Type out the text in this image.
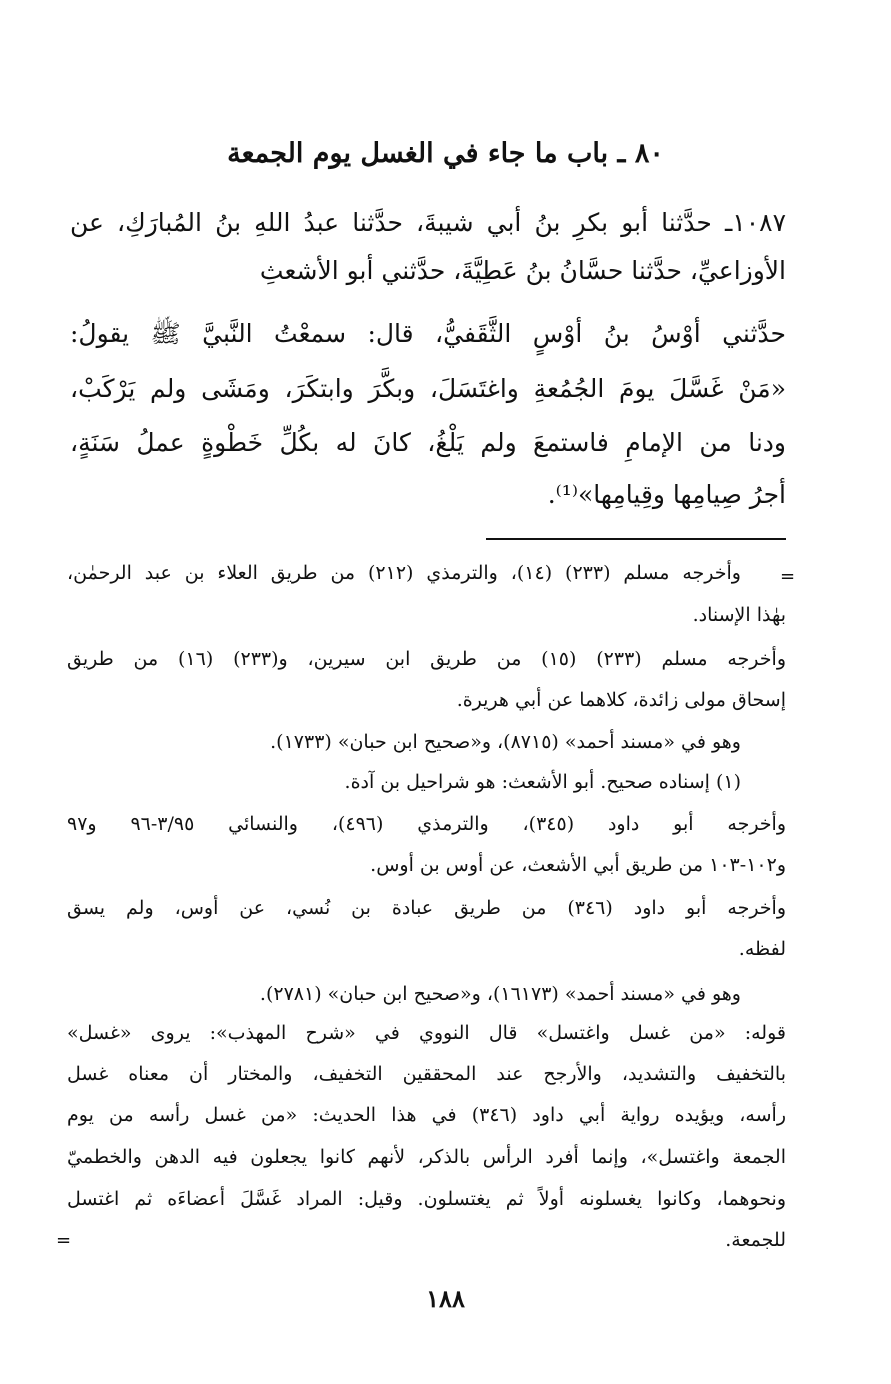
٨٠ ـ باب ما جاء في الغسل يوم الجمعة
١٠٨٧ـ حدَّثنا أبو بكرِ بنُ أبي شيبةَ، حدَّثنا عبدُ اللهِ بنُ المُبارَكِ، عن
الأوزاعيِّ، حدَّثنا حسَّانُ بنُ عَطِيَّةَ، حدَّثني أبو الأشعثِ
حدَّثني أوْسُ بنُ أوْسٍ الثَّقَفيُّ، قال: سمعْتُ النَّبيَّ ﷺ يقولُ:
«مَنْ غَسَّلَ يومَ الجُمُعةِ واغتَسَلَ، وبكَّرَ وابتكَرَ، ومَشَى ولم يَرْكَبْ،
ودنا من الإمامِ فاستمعَ ولم يَلْغُ، كانَ له بكُلِّ خَطْوةٍ عملُ سَنَةٍ،
أجرُ صِيامِها وقِيامِها»⁽¹⁾.
=
وأخرجه مسلم (٢٣٣) (١٤)، والترمذي (٢١٢) من طريق العلاء بن عبد الرحمٰن،
بهٰذا الإسناد.
وأخرجه مسلم (٢٣٣) (١٥) من طريق ابن سيرين، و(٢٣٣) (١٦) من طريق
إسحاق مولى زائدة، كلاهما عن أبي هريرة.
وهو في «مسند أحمد» (٨٧١٥)، و«صحيح ابن حبان» (١٧٣٣).
(١) إسناده صحيح. أبو الأشعث: هو شراحيل بن آدة.
وأخرجه أبو داود (٣٤٥)، والترمذي (٤٩٦)، والنسائي ٣/٩٥-٩٦ و٩٧
و١٠٢-١٠٣ من طريق أبي الأشعث، عن أوس بن أوس.
وأخرجه أبو داود (٣٤٦) من طريق عبادة بن نُسي، عن أوس، ولم يسق
لفظه.
وهو في «مسند أحمد» (١٦١٧٣)، و«صحيح ابن حبان» (٢٧٨١).
قوله: «من غسل واغتسل» قال النووي في «شرح المهذب»: يروى «غسل»
بالتخفيف والتشديد، والأرجح عند المحققين التخفيف، والمختار أن معناه غسل
رأسه، ويؤيده رواية أبي داود (٣٤٦) في هذا الحديث: «من غسل رأسه من يوم
الجمعة واغتسل»، وإنما أفرد الرأس بالذكر، لأنهم كانوا يجعلون فيه الدهن والخطميّ
ونحوهما، وكانوا يغسلونه أولاً ثم يغتسلون. وقيل: المراد غَسَّلَ أعضاءَه ثم اغتسل
للجمعة.
=
١٨٨
